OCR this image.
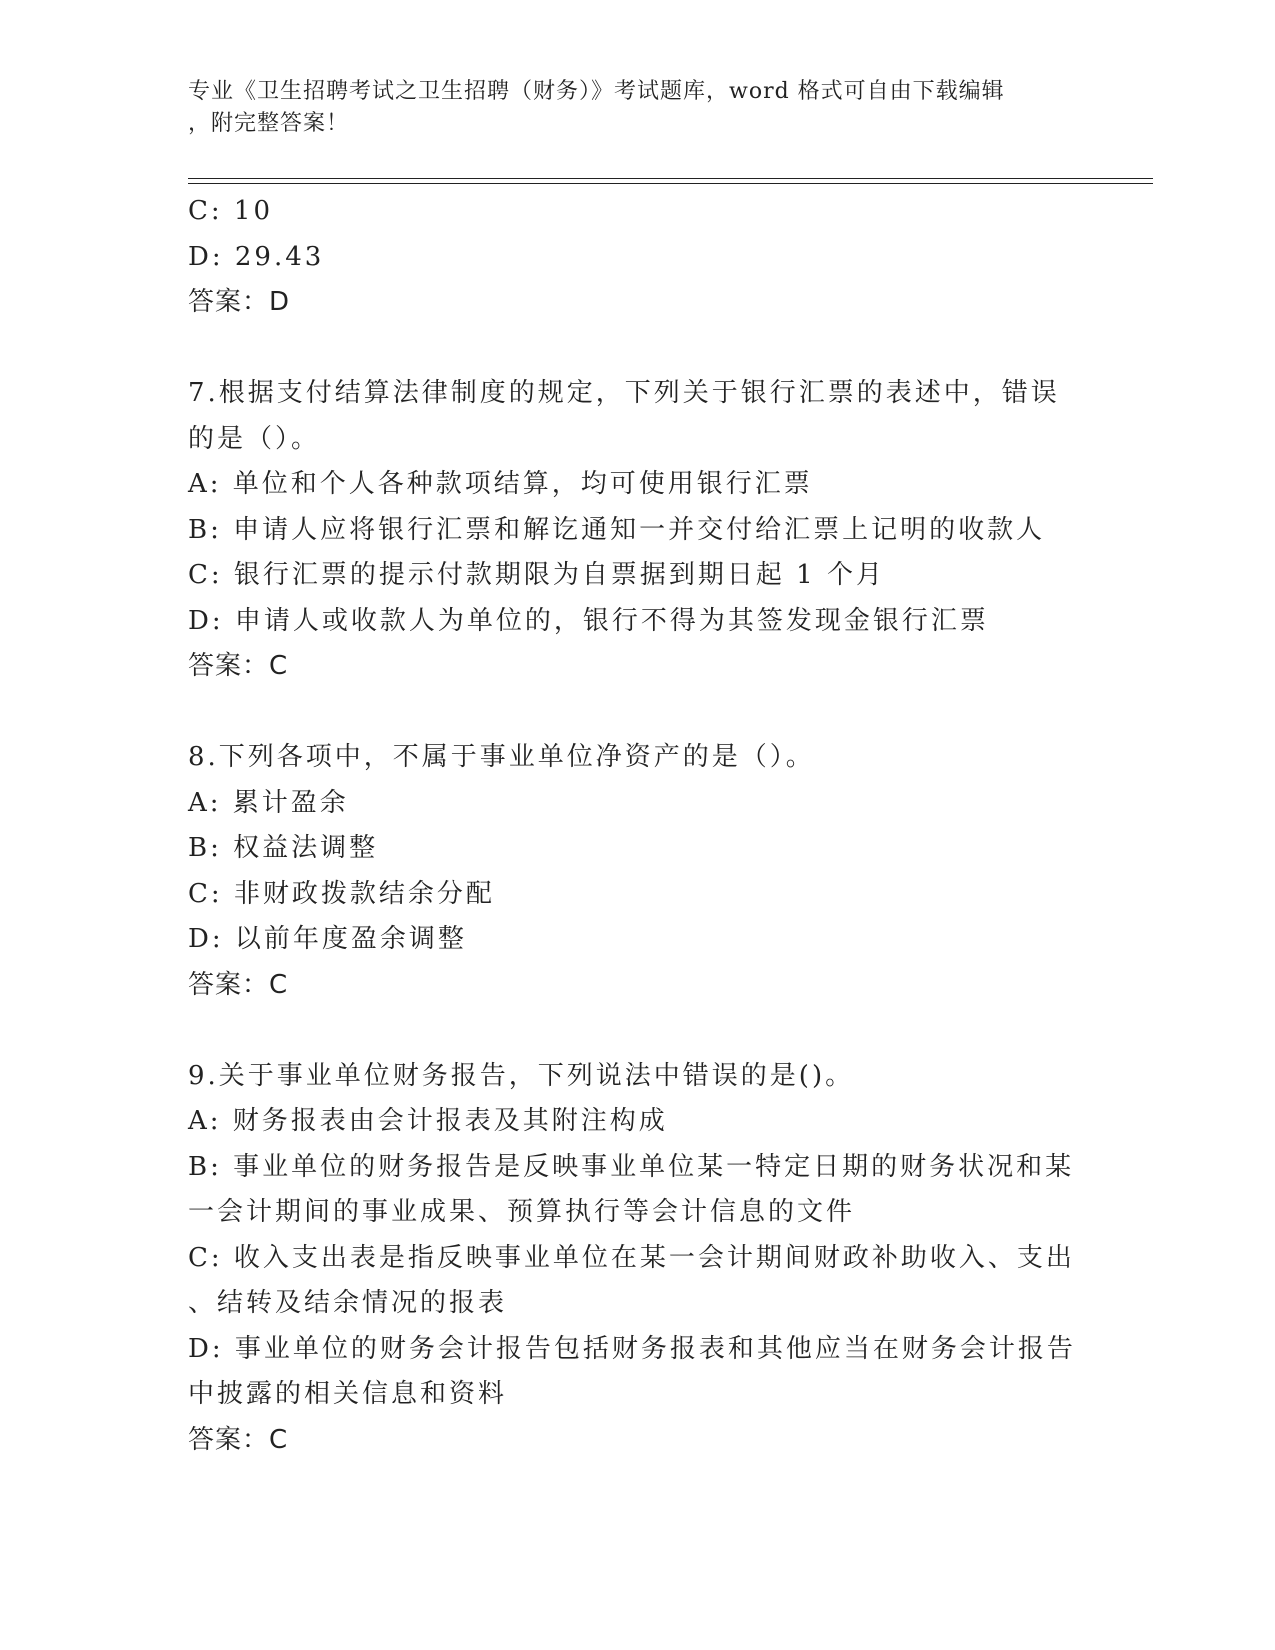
专业《卫生招聘考试之卫生招聘（财务）》考试题库，word 格式可自由下载编辑

，附完整答案！

C: 10
D: 29.43
答案：D
7.根据支付结算法律制度的规定，下列关于银行汇票的表述中，错误
的是（）。
A: 单位和个人各种款项结算，均可使用银行汇票
B: 申请人应将银行汇票和解讫通知一并交付给汇票上记明的收款人
C: 银行汇票的提示付款期限为自票据到期日起 1 个月
D: 申请人或收款人为单位的，银行不得为其签发现金银行汇票
答案：C
8.下列各项中，不属于事业单位净资产的是（）。
A: 累计盈余
B: 权益法调整
C: 非财政拨款结余分配
D: 以前年度盈余调整
答案：C
9.关于事业单位财务报告，下列说法中错误的是()。
A: 财务报表由会计报表及其附注构成
B: 事业单位的财务报告是反映事业单位某一特定日期的财务状况和某
一会计期间的事业成果、预算执行等会计信息的文件
C: 收入支出表是指反映事业单位在某一会计期间财政补助收入、支出
、结转及结余情况的报表
D: 事业单位的财务会计报告包括财务报表和其他应当在财务会计报告
中披露的相关信息和资料
答案：C
